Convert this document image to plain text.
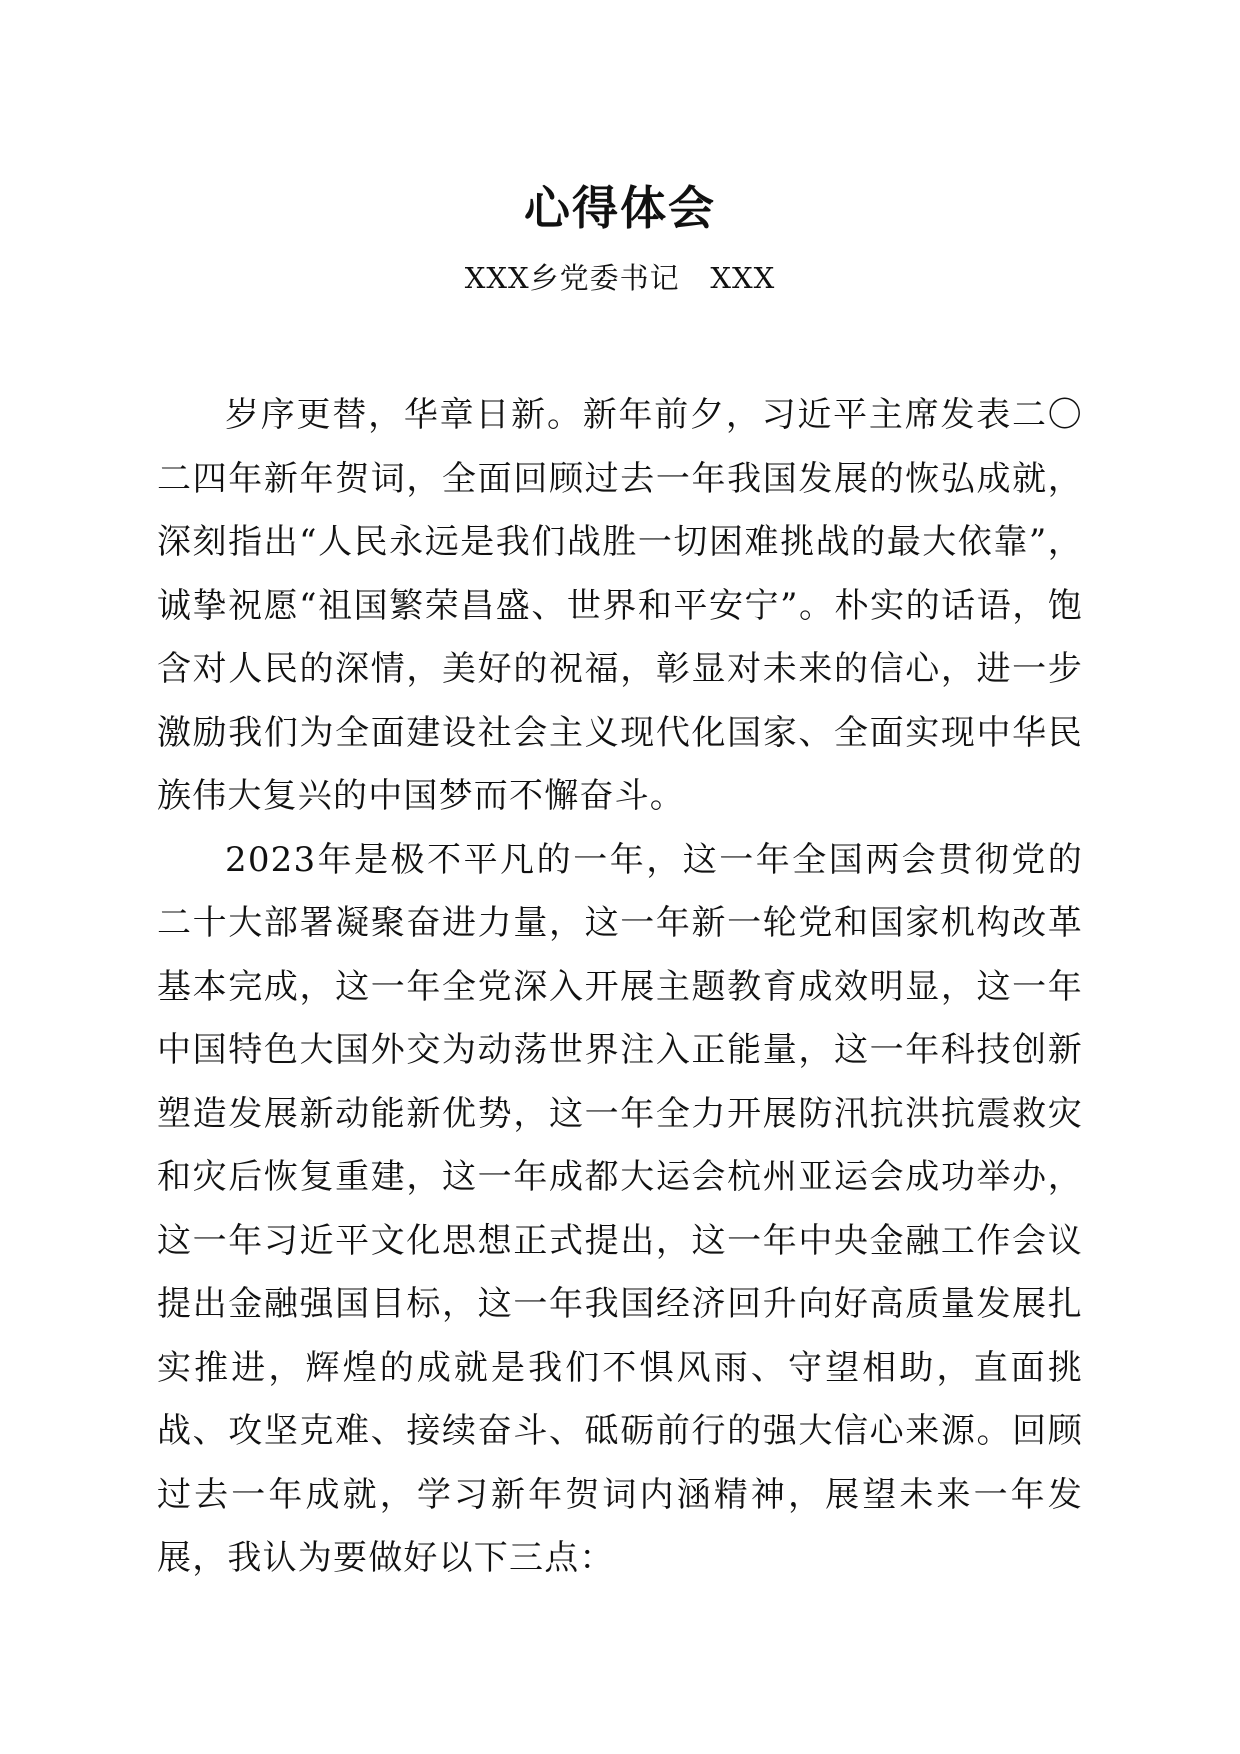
心得体会

XXX乡党委书记   XXX

岁序更替，华章日新。新年前夕，习近平主席发表二〇二四年新年贺词，全面回顾过去一年我国发展的恢弘成就，深刻指出“人民永远是我们战胜一切困难挑战的最大依靠”，诚挚祝愿“祖国繁荣昌盛、世界和平安宁”。朴实的话语，饱含对人民的深情，美好的祝福，彰显对未来的信心，进一步激励我们为全面建设社会主义现代化国家、全面实现中华民族伟大复兴的中国梦而不懈奋斗。

2023年是极不平凡的一年，这一年全国两会贯彻党的二十大部署凝聚奋进力量，这一年新一轮党和国家机构改革基本完成，这一年全党深入开展主题教育成效明显，这一年中国特色大国外交为动荡世界注入正能量，这一年科技创新塑造发展新动能新优势，这一年全力开展防汛抗洪抗震救灾和灾后恢复重建，这一年成都大运会杭州亚运会成功举办，这一年习近平文化思想正式提出，这一年中央金融工作会议提出金融强国目标，这一年我国经济回升向好高质量发展扎实推进，辉煌的成就是我们不惧风雨、守望相助，直面挑战、攻坚克难、接续奋斗、砥砺前行的强大信心来源。回顾过去一年成就，学习新年贺词内涵精神，展望未来一年发展，我认为要做好以下三点：
